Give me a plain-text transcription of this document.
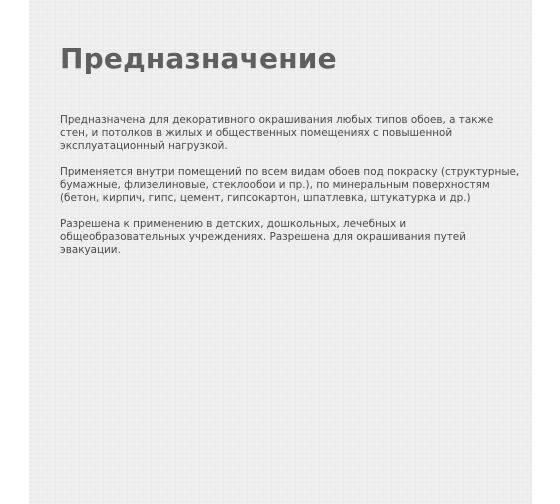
Предназначение

Предназначена для декоративного окрашивания любых типов обоев, а также стен, и потолков в жилых и общественных помещениях с повышенной эксплуатационный нагрузкой.

Применяется внутри помещений по всем видам обоев под покраску (структурные, бумажные, флизелиновые, стеклообои и пр.), по минеральным поверхностям (бетон, кирпич, гипс, цемент, гипсокартон, шпатлевка, штукатурка и др.)

Разрешена к применению в детских, дошкольных, лечебных и общеобразовательных учреждениях. Разрешена для окрашивания путей эвакуации.
